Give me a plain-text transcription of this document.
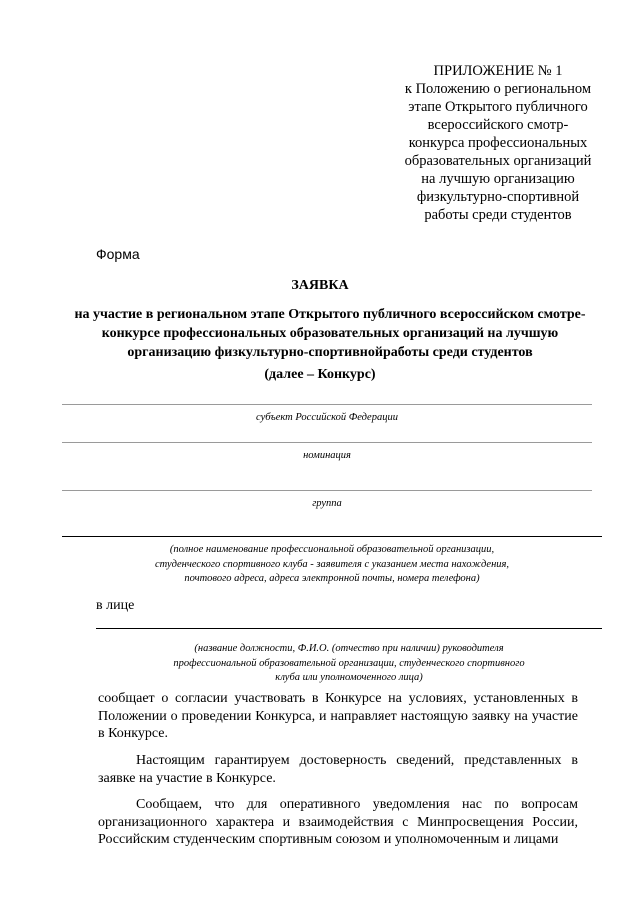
ПРИЛОЖЕНИЕ № 1
к Положению о региональном
этапе Открытого публичного
всероссийского смотр-
конкурса профессиональных
образовательных организаций
на лучшую организацию
физкультурно-спортивной
работы среди студентов
Форма
ЗАЯВКА
на участие в региональном этапе Открытого публичного всероссийском смотре-
конкурсе профессиональных образовательных организаций на лучшую
организацию физкультурно-спортивнойработы среди студентов
(далее – Конкурс)
субъект Российской Федерации
номинация
группа
(полное наименование профессиональной образовательной организации,
студенческого спортивного клуба - заявителя с указанием места нахождения,
почтового адреса, адреса электронной почты, номера телефона)
в лице
(название должности, Ф.И.О. (отчество при наличии) руководителя
профессиональной образовательной организации, студенческого спортивного
клуба или уполномоченного лица)
сообщает о согласии участвовать в Конкурсе на условиях, установленных в Положении о проведении Конкурса, и направляет настоящую заявку на участие в Конкурсе.
Настоящим гарантируем достоверность сведений, представленных в заявке на участие в Конкурсе.
Сообщаем, что для оперативного уведомления нас по вопросам организационного характера и взаимодействия с Минпросвещения России, Российским студенческим спортивным союзом и уполномоченным и лицами
